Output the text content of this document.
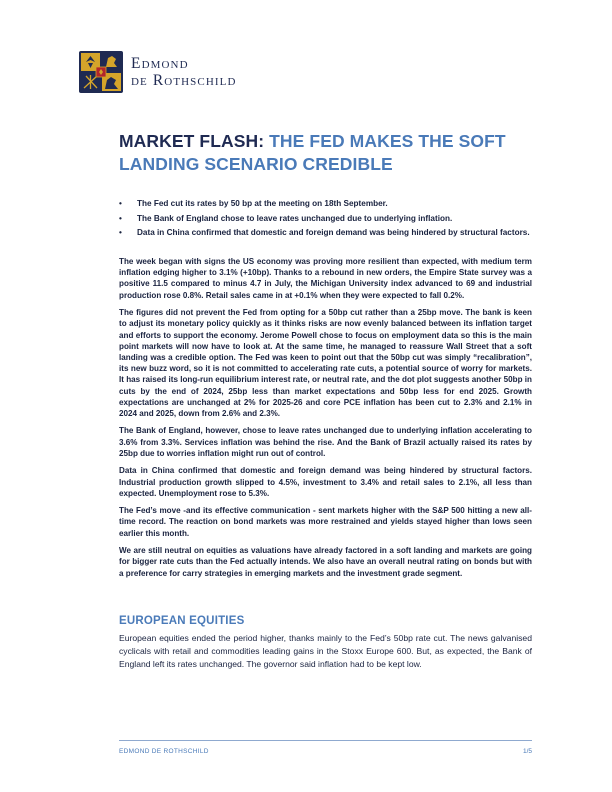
Edmond
de Rothschild
MARKET FLASH: THE FED MAKES THE SOFT LANDING SCENARIO CREDIBLE
• The Fed cut its rates by 50 bp at the meeting on 18th September.
• The Bank of England chose to leave rates unchanged due to underlying inflation.
• Data in China confirmed that domestic and foreign demand was being hindered by structural factors.

The week began with signs the US economy was proving more resilient than expected, with medium term inflation edging higher to 3.1% (+10bp). Thanks to a rebound in new orders, the Empire State survey was a positive 11.5 compared to minus 4.7 in July, the Michigan University index advanced to 69 and industrial production rose 0.8%. Retail sales came in at +0.1% when they were expected to fall 0.2%.

The figures did not prevent the Fed from opting for a 50bp cut rather than a 25bp move. The bank is keen to adjust its monetary policy quickly as it thinks risks are now evenly balanced between its inflation target and efforts to support the economy. Jerome Powell chose to focus on employment data so this is the main point markets will now have to look at. At the same time, he managed to reassure Wall Street that a soft landing was a credible option. The Fed was keen to point out that the 50bp cut was simply “recalibration”, its new buzz word, so it is not committed to accelerating rate cuts, a potential source of worry for markets. It has raised its long-run equilibrium interest rate, or neutral rate, and the dot plot suggests another 50bp in cuts by the end of 2024, 25bp less than market expectations and 50bp less for end 2025. Growth expectations are unchanged at 2% for 2025-26 and core PCE inflation has been cut to 2.3% and 2.1% in 2024 and 2025, down from 2.6% and 2.3%.

The Bank of England, however, chose to leave rates unchanged due to underlying inflation accelerating to 3.6% from 3.3%. Services inflation was behind the rise. And the Bank of Brazil actually raised its rates by 25bp due to worries inflation might run out of control.

Data in China confirmed that domestic and foreign demand was being hindered by structural factors. Industrial production growth slipped to 4.5%, investment to 3.4% and retail sales to 2.1%, all less than expected. Unemployment rose to 5.3%.

The Fed’s move -and its effective communication - sent markets higher with the S&P 500 hitting a new all-time record. The reaction on bond markets was more restrained and yields stayed higher than lows seen earlier this month.

We are still neutral on equities as valuations have already factored in a soft landing and markets are going for bigger rate cuts than the Fed actually intends. We also have an overall neutral rating on bonds but with a preference for carry strategies in emerging markets and the investment grade segment.

EUROPEAN EQUITIES

European equities ended the period higher, thanks mainly to the Fed’s 50bp rate cut. The news galvanised cyclicals with retail and commodities leading gains in the Stoxx Europe 600. But, as expected, the Bank of England left its rates unchanged. The governor said inflation had to be kept low.

EDMOND DE ROTHSCHILD	1/5
